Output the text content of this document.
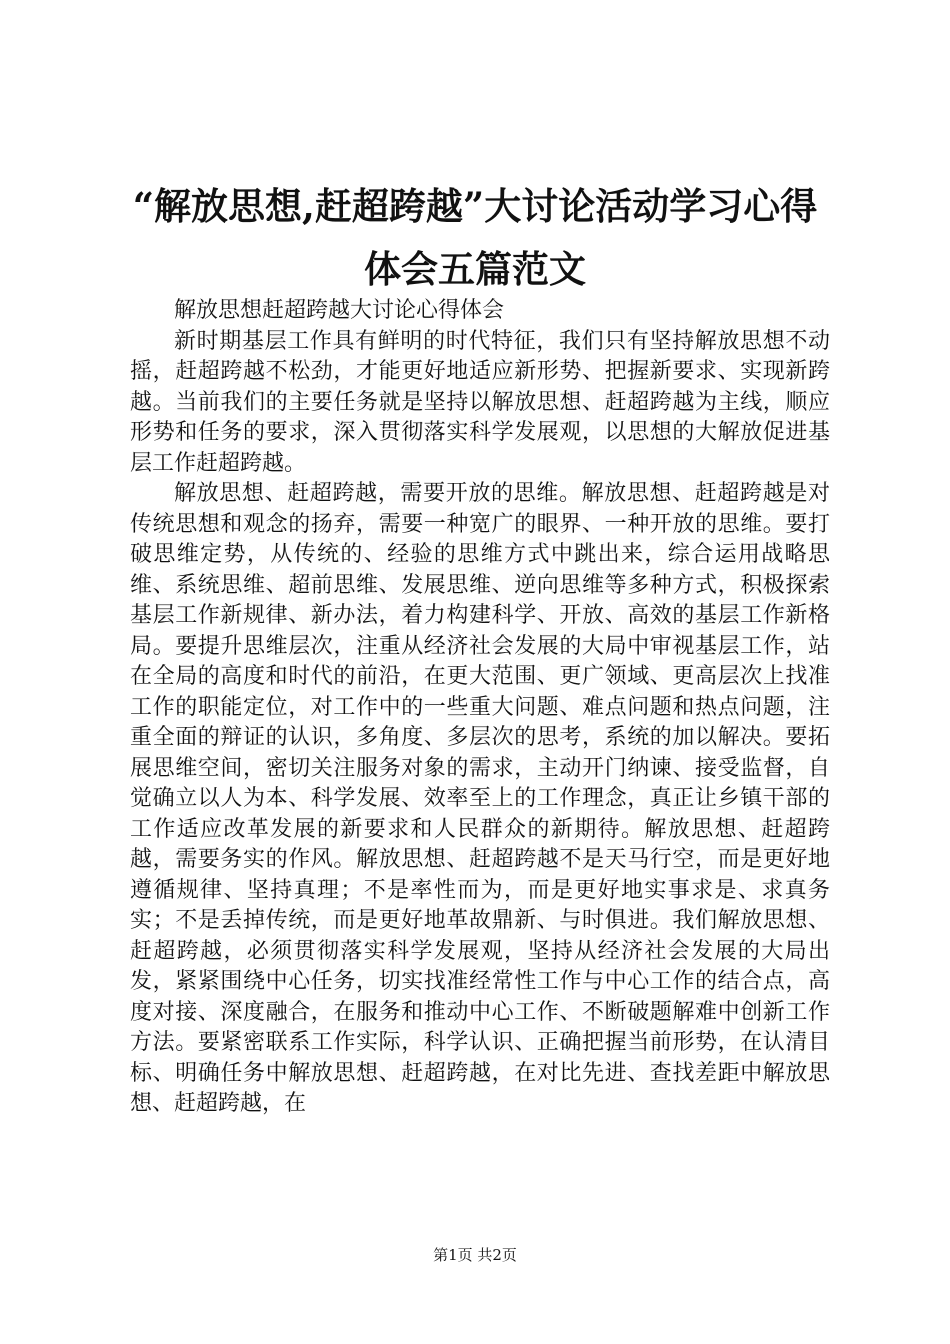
“解放思想,赶超跨越”大讨论活动学习心得
体会五篇范文

解放思想赶超跨越大讨论心得体会

新时期基层工作具有鲜明的时代特征，我们只有坚持解放思想不动摇，赶超跨越不松劲，才能更好地适应新形势、把握新要求、实现新跨越。当前我们的主要任务就是坚持以解放思想、赶超跨越为主线，顺应形势和任务的要求，深入贯彻落实科学发展观，以思想的大解放促进基层工作赶超跨越。

解放思想、赶超跨越，需要开放的思维。解放思想、赶超跨越是对传统思想和观念的扬弃，需要一种宽广的眼界、一种开放的思维。要打破思维定势，从传统的、经验的思维方式中跳出来，综合运用战略思维、系统思维、超前思维、发展思维、逆向思维等多种方式，积极探索基层工作新规律、新办法，着力构建科学、开放、高效的基层工作新格局。要提升思维层次，注重从经济社会发展的大局中审视基层工作，站在全局的高度和时代的前沿，在更大范围、更广领域、更高层次上找准工作的职能定位，对工作中的一些重大问题、难点问题和热点问题，注重全面的辩证的认识，多角度、多层次的思考，系统的加以解决。要拓展思维空间，密切关注服务对象的需求，主动开门纳谏、接受监督，自觉确立以人为本、科学发展、效率至上的工作理念，真正让乡镇干部的工作适应改革发展的新要求和人民群众的新期待。解放思想、赶超跨越，需要务实的作风。解放思想、赶超跨越不是天马行空，而是更好地遵循规律、坚持真理；不是率性而为，而是更好地实事求是、求真务实；不是丢掉传统，而是更好地革故鼎新、与时俱进。我们解放思想、赶超跨越，必须贯彻落实科学发展观，坚持从经济社会发展的大局出发，紧紧围绕中心任务，切实找准经常性工作与中心工作的结合点，高度对接、深度融合，在服务和推动中心工作、不断破题解难中创新工作方法。要紧密联系工作实际，科学认识、正确把握当前形势，在认清目标、明确任务中解放思想、赶超跨越，在对比先进、查找差距中解放思想、赶超跨越，在

第1页 共2页
